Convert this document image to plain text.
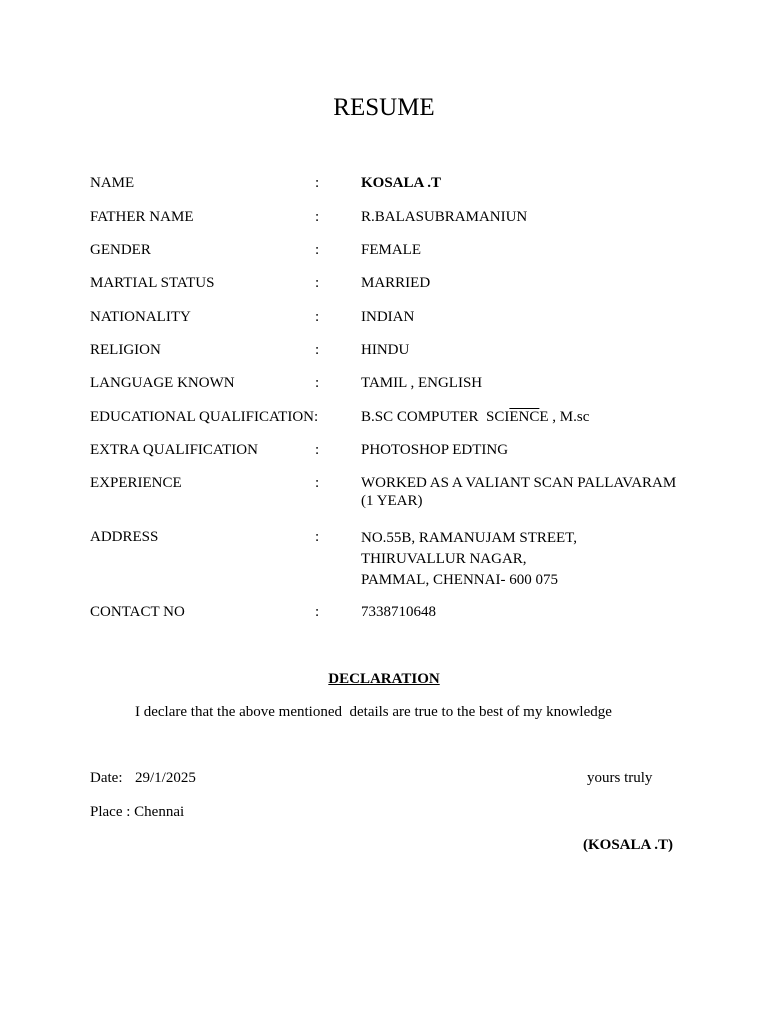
RESUME
NAME	:	KOSALA .T
FATHER NAME	:	R.BALASUBRAMANIUN
GENDER	:	FEMALE
MARTIAL STATUS	:	MARRIED
NATIONALITY	:	INDIAN
RELIGION	:	HINDU
LANGUAGE KNOWN	:	TAMIL , ENGLISH
EDUCATIONAL QUALIFICATION:	B.SC COMPUTER  $SCI\overline{ENC}E$ , M.sc
EXTRA QUALIFICATION	:	PHOTOSHOP EDTING
EXPERIENCE	:	WORKED AS A VALIANT SCAN PALLAVARAM
(1 YEAR)
ADDRESS	:	NO.55B, RAMANUJAM STREET,
THIRUVALLUR NAGAR,
PAMMAL, CHENNAI- 600 075
CONTACT NO	:	7338710648
DECLARATION
I declare that the above mentioned  details are true to the best of my knowledge
Date: 29/1/2025	yours truly
Place : Chennai
(KOSALA .T)
